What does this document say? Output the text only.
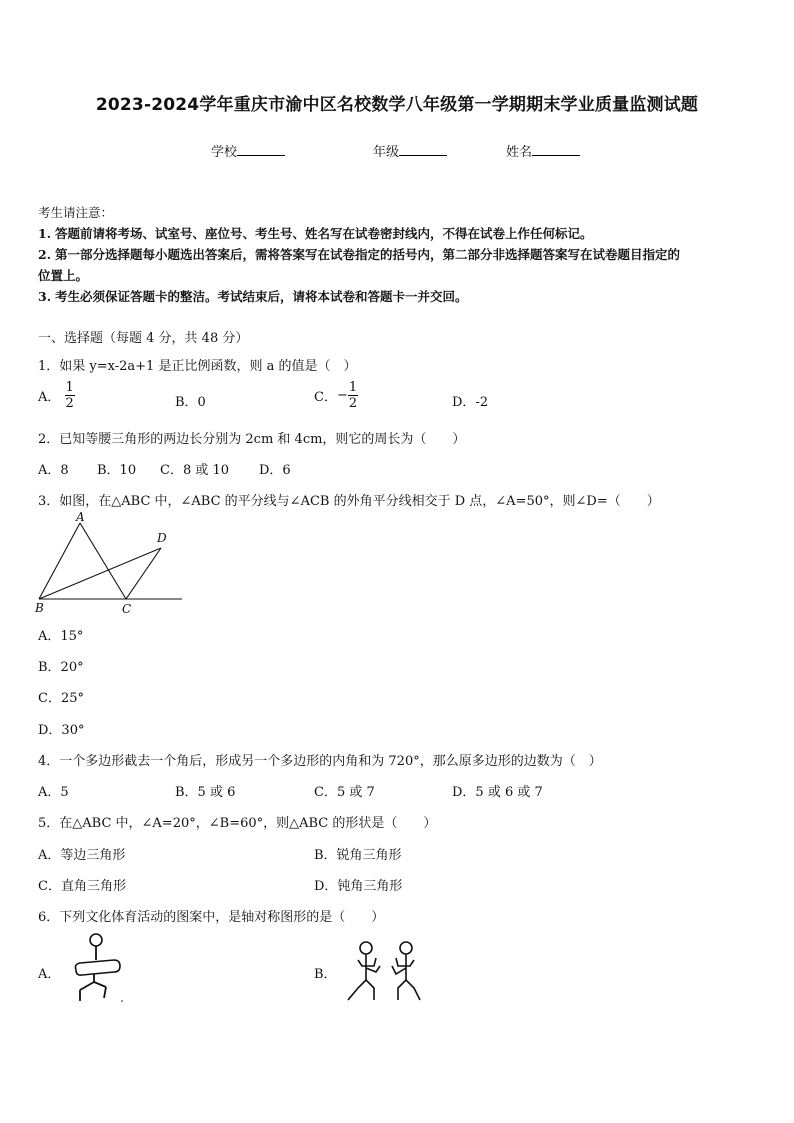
2023-2024学年重庆市渝中区名校数学八年级第一学期期末学业质量监测试题
学校	年级	姓名
考生请注意：
1. 答题前请将考场、试室号、座位号、考生号、姓名写在试卷密封线内，不得在试卷上作任何标记。
2. 第一部分选择题每小题选出答案后，需将答案写在试卷指定的括号内，第二部分非选择题答案写在试卷题目指定的
位置上。
3. 考生必须保证答题卡的整洁。考试结束后，请将本试卷和答题卡一并交回。
一、选择题（每题 4 分，共 48 分）
1．如果 y=x-2a+1 是正比例函数，则 a 的值是（　）
A． $\frac{1}{2}$	B．0	C．− $\frac{1}{2}$	D．-2
2．已知等腰三角形的两边长分别为 2cm 和 4cm，则它的周长为（　　）
A．8 B．10 C．8 或 10 D．6
3．如图，在△ABC 中，∠ABC 的平分线与∠ACB 的外角平分线相交于 D 点，∠A=50°，则∠D=（　　）
A
B	C
D
A．15°
B．20°
C．25°
D．30°
4．一个多边形截去一个角后，形成另一个多边形的内角和为 720°，那么原多边形的边数为（　）
A．5	B．5 或 6	C．5 或 7	D．5 或 6 或 7
5．在△ABC 中，∠A=20°，∠B=60°，则△ABC 的形状是（　　）
A．等边三角形	B．锐角三角形
C．直角三角形	D．钝角三角形
6．下列文化体育活动的图案中，是轴对称图形的是（　　）
A．	B．
